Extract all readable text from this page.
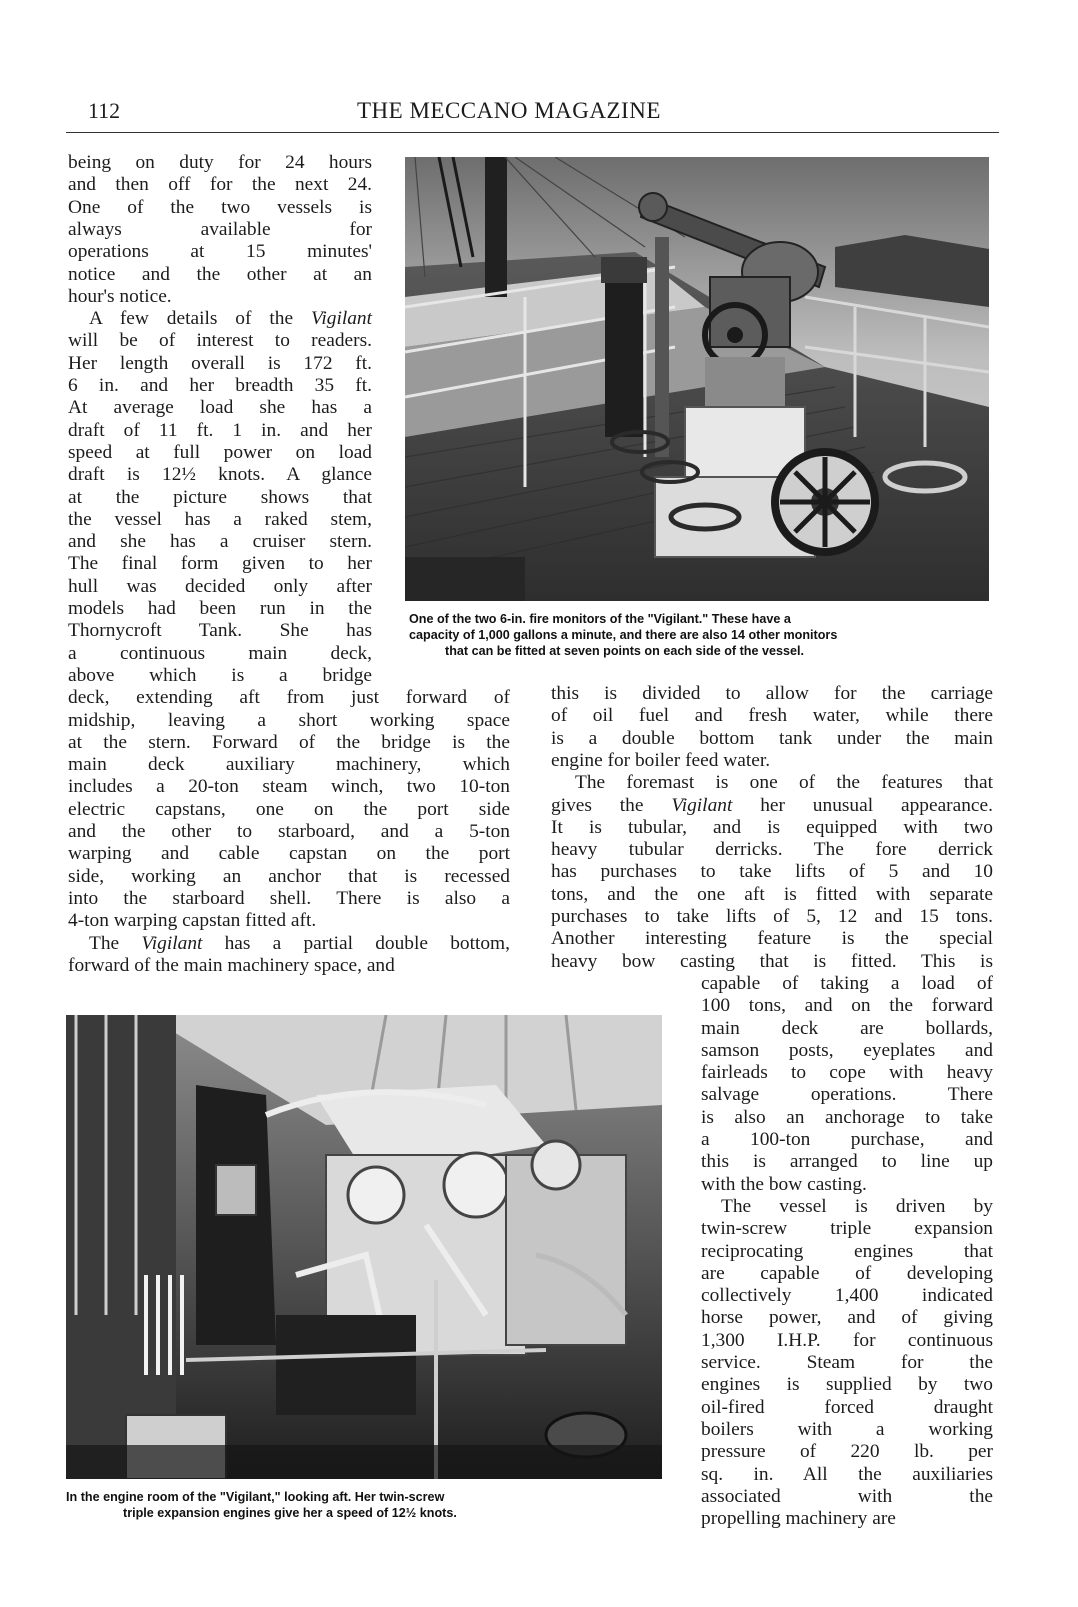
112	THE MECCANO MAGAZINE
One of the two 6-in. fire monitors of the "Vigilant." These have a
capacity of 1,000 gallons a minute, and there are also 14 other monitors
that can be fitted at seven points on each side of the vessel.
In the engine room of the "Vigilant," looking aft. Her twin-screw
triple expansion engines give her a speed of 12½ knots.
being on duty for 24 hours
and then off for the next 24.
One of the two vessels is
always available for
operations at 15 minutes'
notice and the other at an
hour's notice.
A few details of the Vigilant
will be of interest to readers.
Her length overall is 172 ft.
6 in. and her breadth 35 ft.
At average load she has a
draft of 11 ft. 1 in. and her
speed at full power on load
draft is 12½ knots. A glance
at the picture shows that
the vessel has a raked stem,
and she has a cruiser stern.
The final form given to her
hull was decided only after
models had been run in the
Thornycroft Tank. She has
a continuous main deck,
above which is a bridge
deck, extending aft from just forward of
midship, leaving a short working space
at the stern. Forward of the bridge is the
main deck auxiliary machinery, which
includes a 20-ton steam winch, two 10-ton
electric capstans, one on the port side
and the other to starboard, and a 5-ton
warping and cable capstan on the port
side, working an anchor that is recessed
into the starboard shell. There is also a
4-ton warping capstan fitted aft.
The Vigilant has a partial double bottom,
forward of the main machinery space, and
this is divided to allow for the carriage
of oil fuel and fresh water, while there
is a double bottom tank under the main
engine for boiler feed water.
The foremast is one of the features that
gives the Vigilant her unusual appearance.
It is tubular, and is equipped with two
heavy tubular derricks. The fore derrick
has purchases to take lifts of 5 and 10
tons, and the one aft is fitted with separate
purchases to take lifts of 5, 12 and 15 tons.
Another interesting feature is the special
heavy bow casting that is fitted. This is
capable of taking a load of
100 tons, and on the forward
main deck are bollards,
samson posts, eyeplates and
fairleads to cope with heavy
salvage operations. There
is also an anchorage to take
a 100-ton purchase, and
this is arranged to line up
with the bow casting.
The vessel is driven by
twin-screw triple expansion
reciprocating engines that
are capable of developing
collectively 1,400 indicated
horse power, and of giving
1,300 I.H.P. for continuous
service. Steam for the
engines is supplied by two
oil-fired forced draught
boilers with a working
pressure of 220 lb. per
sq. in. All the auxiliaries
associated with the
propelling machinery are
